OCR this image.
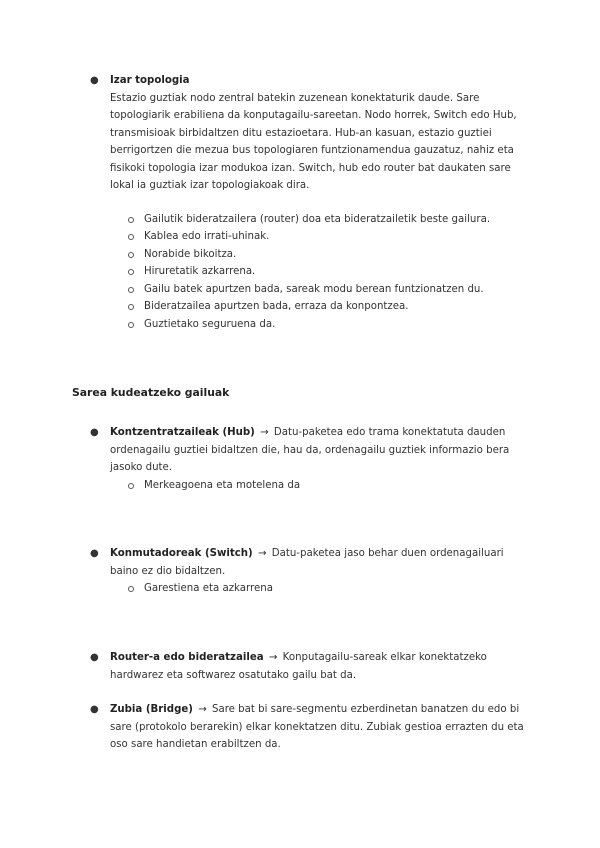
● Izar topologia
Estazio guztiak nodo zentral batekin zuzenean konektaturik daude. Sare topologiarik erabiliena da konputagailu-sareetan. Nodo horrek, Switch edo Hub, transmisioak birbidaltzen ditu estazioetara. Hub-an kasuan, estazio guztiei berrigortzen die mezua bus topologiaren funtzionamendua gauzatuz, nahiz eta fisikoki topologia izar modukoa izan. Switch, hub edo router bat daukaten sare lokal ia guztiak izar topologiakoak dira.
Gailutik bideratzailera (router) doa eta bideratzailetik beste gailura.
Kablea edo irrati-uhinak.
Norabide bikoitza.
Hiruretatik azkarrena.
Gailu batek apurtzen bada, sareak modu berean funtzionatzen du.
Bideratzailea apurtzen bada, erraza da konpontzea.
Guztietako seguruena da.
Sarea kudeatzeko gailuak
● Kontzentratzaileak (Hub) → Datu-paketea edo trama konektatuta dauden ordenagailu guztiei bidaltzen die, hau da, ordenagailu guztiek informazio bera jasoko dute.
Merkeagoena eta motelena da
● Konmutadoreak (Switch) → Datu-paketea jaso behar duen ordenagailuari baino ez dio bidaltzen.
Garestiena eta azkarrena
● Router-a edo bideratzailea → Konputagailu-sareak elkar konektatzeko hardwarez eta softwarez osatutako gailu bat da.
● Zubia (Bridge) → Sare bat bi sare-segmentu ezberdinetan banatzen du edo bi sare (protokolo berarekin) elkar konektatzen ditu. Zubiak gestioa errazten du eta oso sare handietan erabiltzen da.
